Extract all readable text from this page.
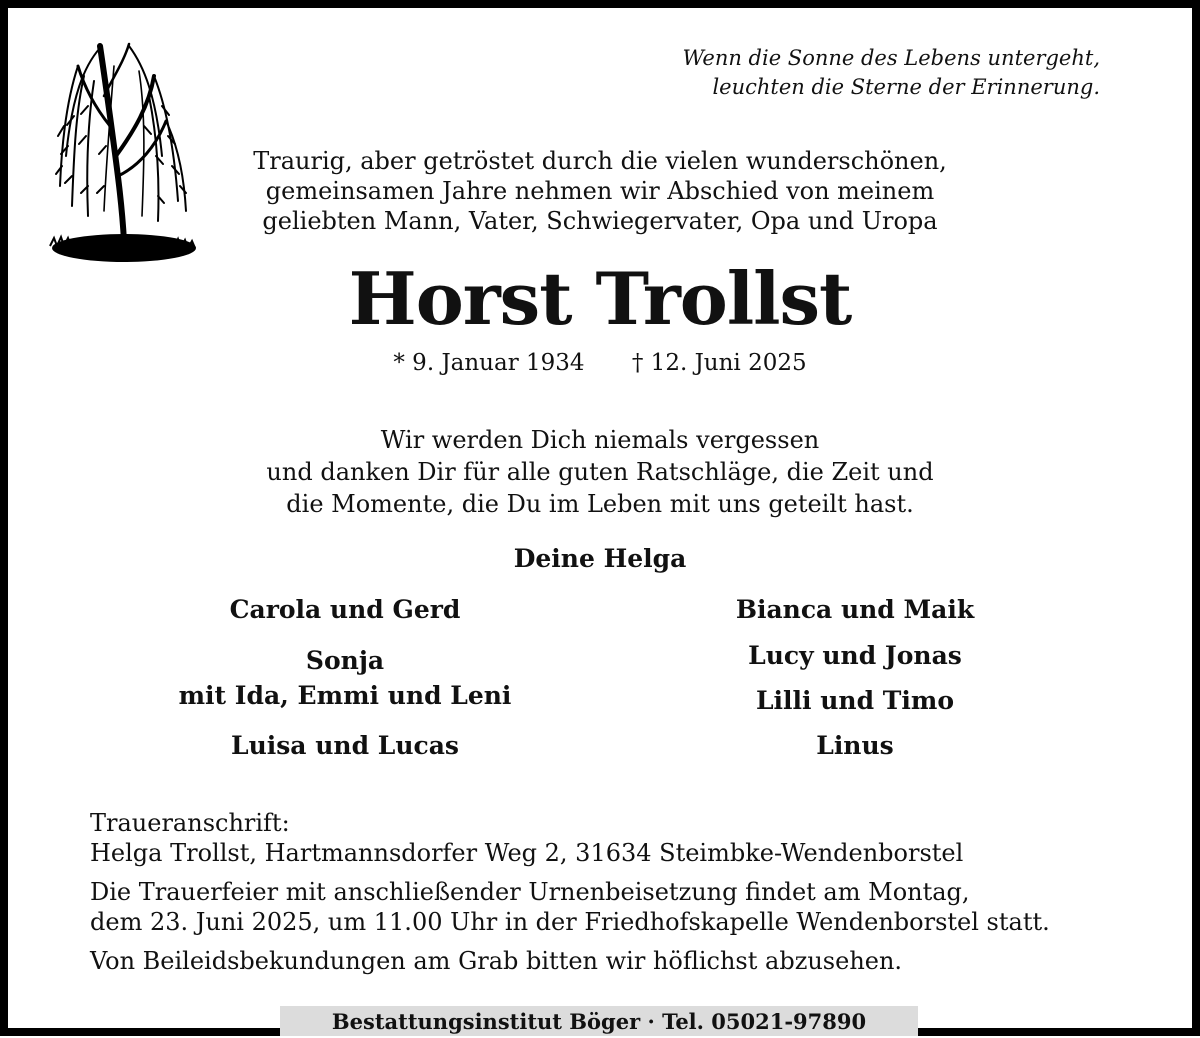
Wenn die Sonne des Lebens untergeht,
leuchten die Sterne der Erinnerung.
Traurig, aber getröstet durch die vielen wunderschönen,
gemeinsamen Jahre nehmen wir Abschied von meinem
geliebten Mann, Vater, Schwiegervater, Opa und Uropa
Horst Trollst
* 9. Januar 1934 † 12. Juni 2025
Wir werden Dich niemals vergessen
und danken Dir für alle guten Ratschläge, die Zeit und
die Momente, die Du im Leben mit uns geteilt hast.
Deine Helga
Carola und Gerd
Sonja
mit Ida, Emmi und Leni
Luisa und Lucas
Bianca und Maik
Lucy und Jonas
Lilli und Timo
Linus

Traueranschrift:

Helga Trollst, Hartmannsdorfer Weg 2, 31634 Steimbke-Wendenborstel

Die Trauerfeier mit anschließender Urnenbeisetzung findet am Montag,

dem 23. Juni 2025, um 11.00 Uhr in der Friedhofskapelle Wendenborstel statt.

Von Beileidsbekundungen am Grab bitten wir höflichst abzusehen.

Bestattungsinstitut Böger · Tel. 05021-97890
